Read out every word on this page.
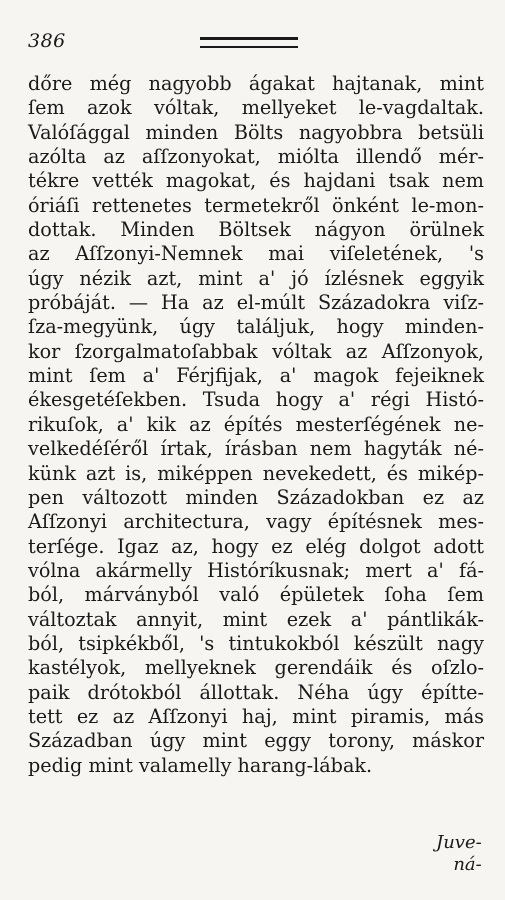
386
dőre még nagyobb ágakat hajtanak, mint
ſem azok vóltak, mellyeket le-vagdaltak.
Valóſággal minden Bölts nagyobbra betsüli
azólta az aſſzonyokat, miólta illendő mér-
tékre vették magokat, és hajdani tsak nem
óriáſi rettenetes termetekről önként le-mon-
dottak. Minden Böltsek nágyon örülnek
az Aſſzonyi-Nemnek mai viſeletének, 's
úgy nézik azt, mint a' jó ízlésnek eggyik
próbáját. — Ha az el-múlt Századokra viſz-
ſza-megyünk, úgy találjuk, hogy minden-
kor ſzorgalmatoſabbak vóltak az Aſſzonyok,
mint ſem a' Férjfijak, a' magok fejeiknek
ékesgetéſekben. Tsuda hogy a' régi Histó-
rikuſok, a' kik az építés mesterſégének ne-
velkedéſéről írtak, írásban nem hagyták né-
künk azt is, miképpen nevekedett, és mikép-
pen változott minden Századokban ez az
Aſſzonyi architectura, vagy építésnek mes-
terſége. Igaz az, hogy ez elég dolgot adott
vólna akármelly Históríkusnak; mert a' fá-
ból, márványból való épületek ſoha ſem
változtak annyit, mint ezek a' pántlikák-
ból, tsipkékből, 's tintukokból készült nagy
kastélyok, mellyeknek gerendáik és oſzlo-
paik drótokból állottak. Néha úgy építte-
tett ez az Aſſzonyi haj, mint piramis, más
Században úgy mint eggy torony, máskor
pedig mint valamelly harang-lábak.
Juve-
ná-
